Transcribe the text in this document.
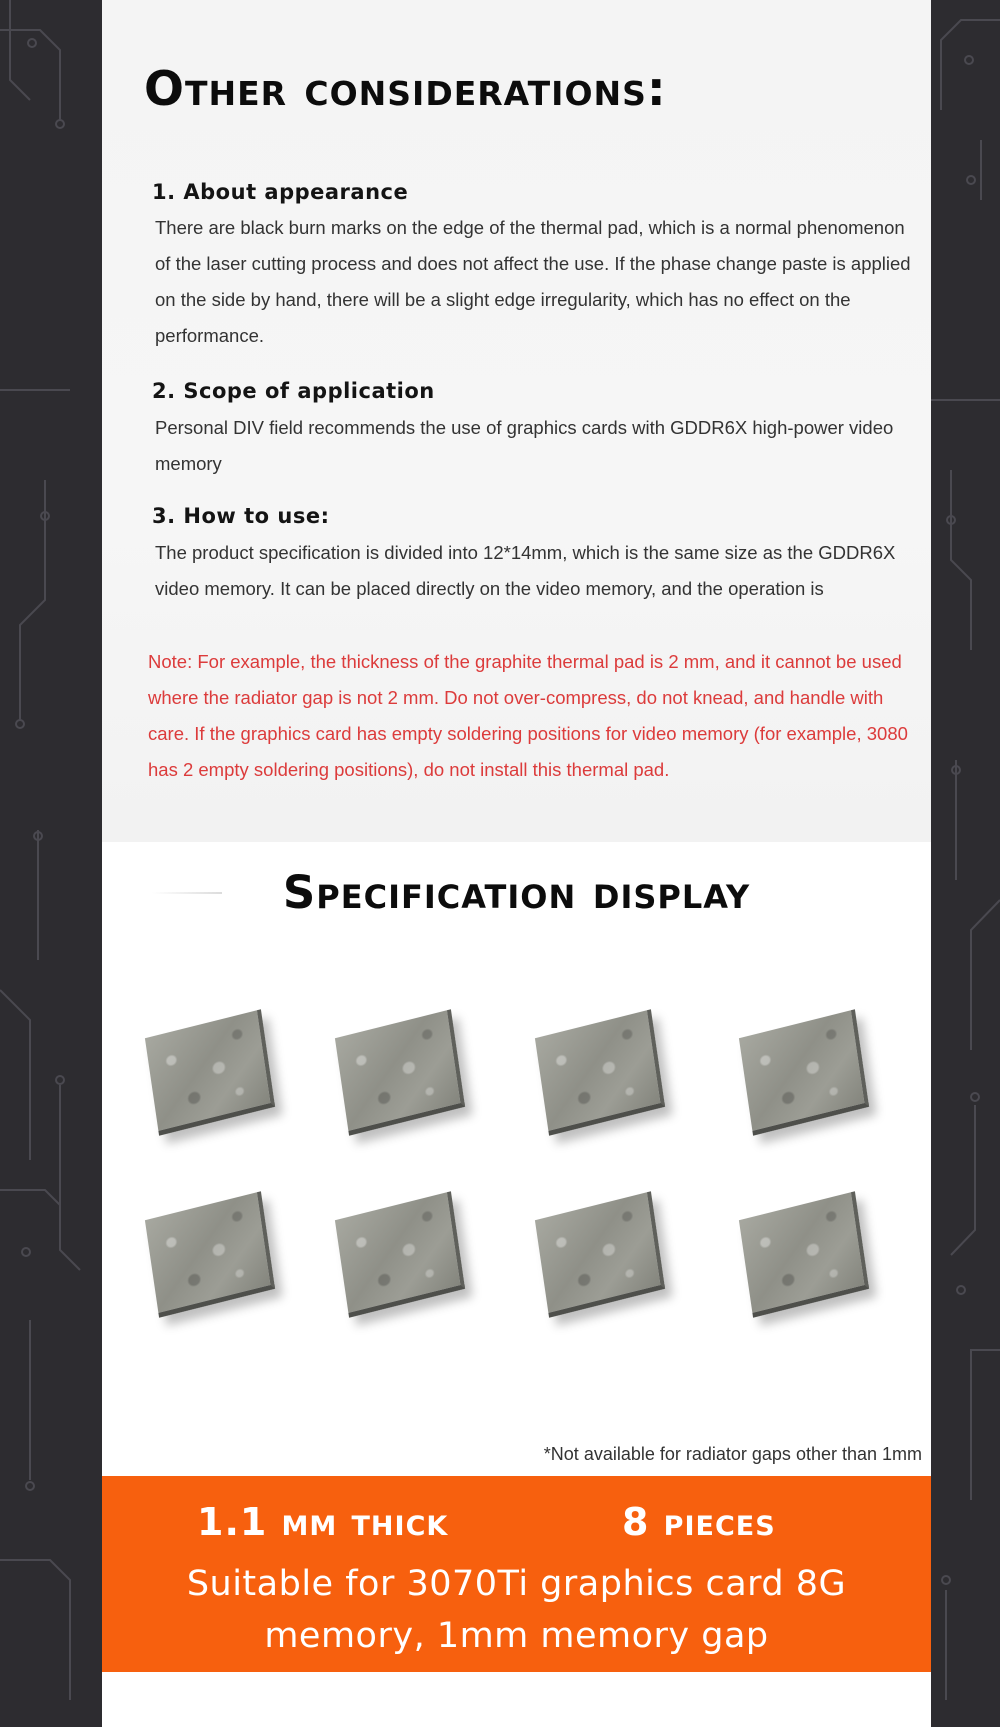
Other considerations:
1. About appearance

There are black burn marks on the edge of the thermal pad, which is a normal phenomenon of the laser cutting process and does not affect the use. If the phase change paste is applied on the side by hand, there will be a slight edge irregularity, which has no effect on the performance.

2. Scope of application

Personal DIV field recommends the use of graphics cards with GDDR6X high-power video memory

3. How to use:

The product specification is divided into 12*14mm, which is the same size as the GDDR6X video memory. It can be placed directly on the video memory, and the operation is

Note: For example, the thickness of the graphite thermal pad is 2 mm, and it cannot be used where the radiator gap is not 2 mm. Do not over-compress, do not knead, and handle with care. If the graphics card has empty soldering positions for video memory (for example, 3080 has 2 empty soldering positions), do not install this thermal pad.

Specification display

*Not available for radiator gaps other than 1mm

1.1 mm thick	8 pieces

Suitable for 3070Ti graphics card 8G memory, 1mm memory gap
